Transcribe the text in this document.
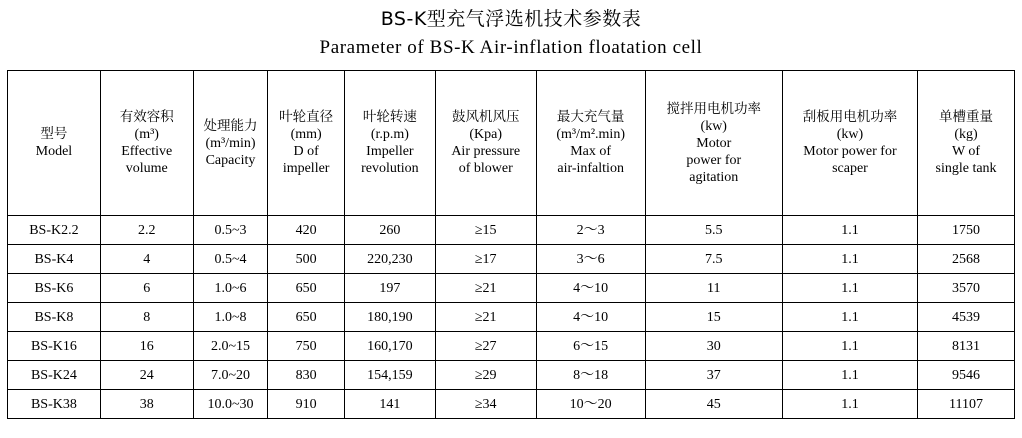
BS-K型充气浮选机技术参数表
Parameter of BS-K Air-inflation floatation cell
型号
Model	有效容积
(m³)
Effective
volume	处理能力
(m³/min)
Capacity	叶轮直径
(mm)
D of
impeller	叶轮转速
(r.p.m)
Impeller
revolution	鼓风机风压
(Kpa)
Air pressure
of blower	最大充气量
(m³/m².min)
Max of
air-infaltion	搅拌用电机功率
(kw)
Motor
power for
agitation	刮板用电机功率
(kw)
Motor power for
scaper	单槽重量
(kg)
W of
single tank

BS-K2.2	2.2	0.5~3	420	260	≥15	2～3	5.5	1.1	1750
BS-K4	4	0.5~4	500	220,230	≥17	3～6	7.5	1.1	2568
BS-K6	6	1.0~6	650	197	≥21	4～10	11	1.1	3570
BS-K8	8	1.0~8	650	180,190	≥21	4～10	15	1.1	4539
BS-K16	16	2.0~15	750	160,170	≥27	6～15	30	1.1	8131
BS-K24	24	7.0~20	830	154,159	≥29	8～18	37	1.1	9546
BS-K38	38	10.0~30	910	141	≥34	10～20	45	1.1	11107
